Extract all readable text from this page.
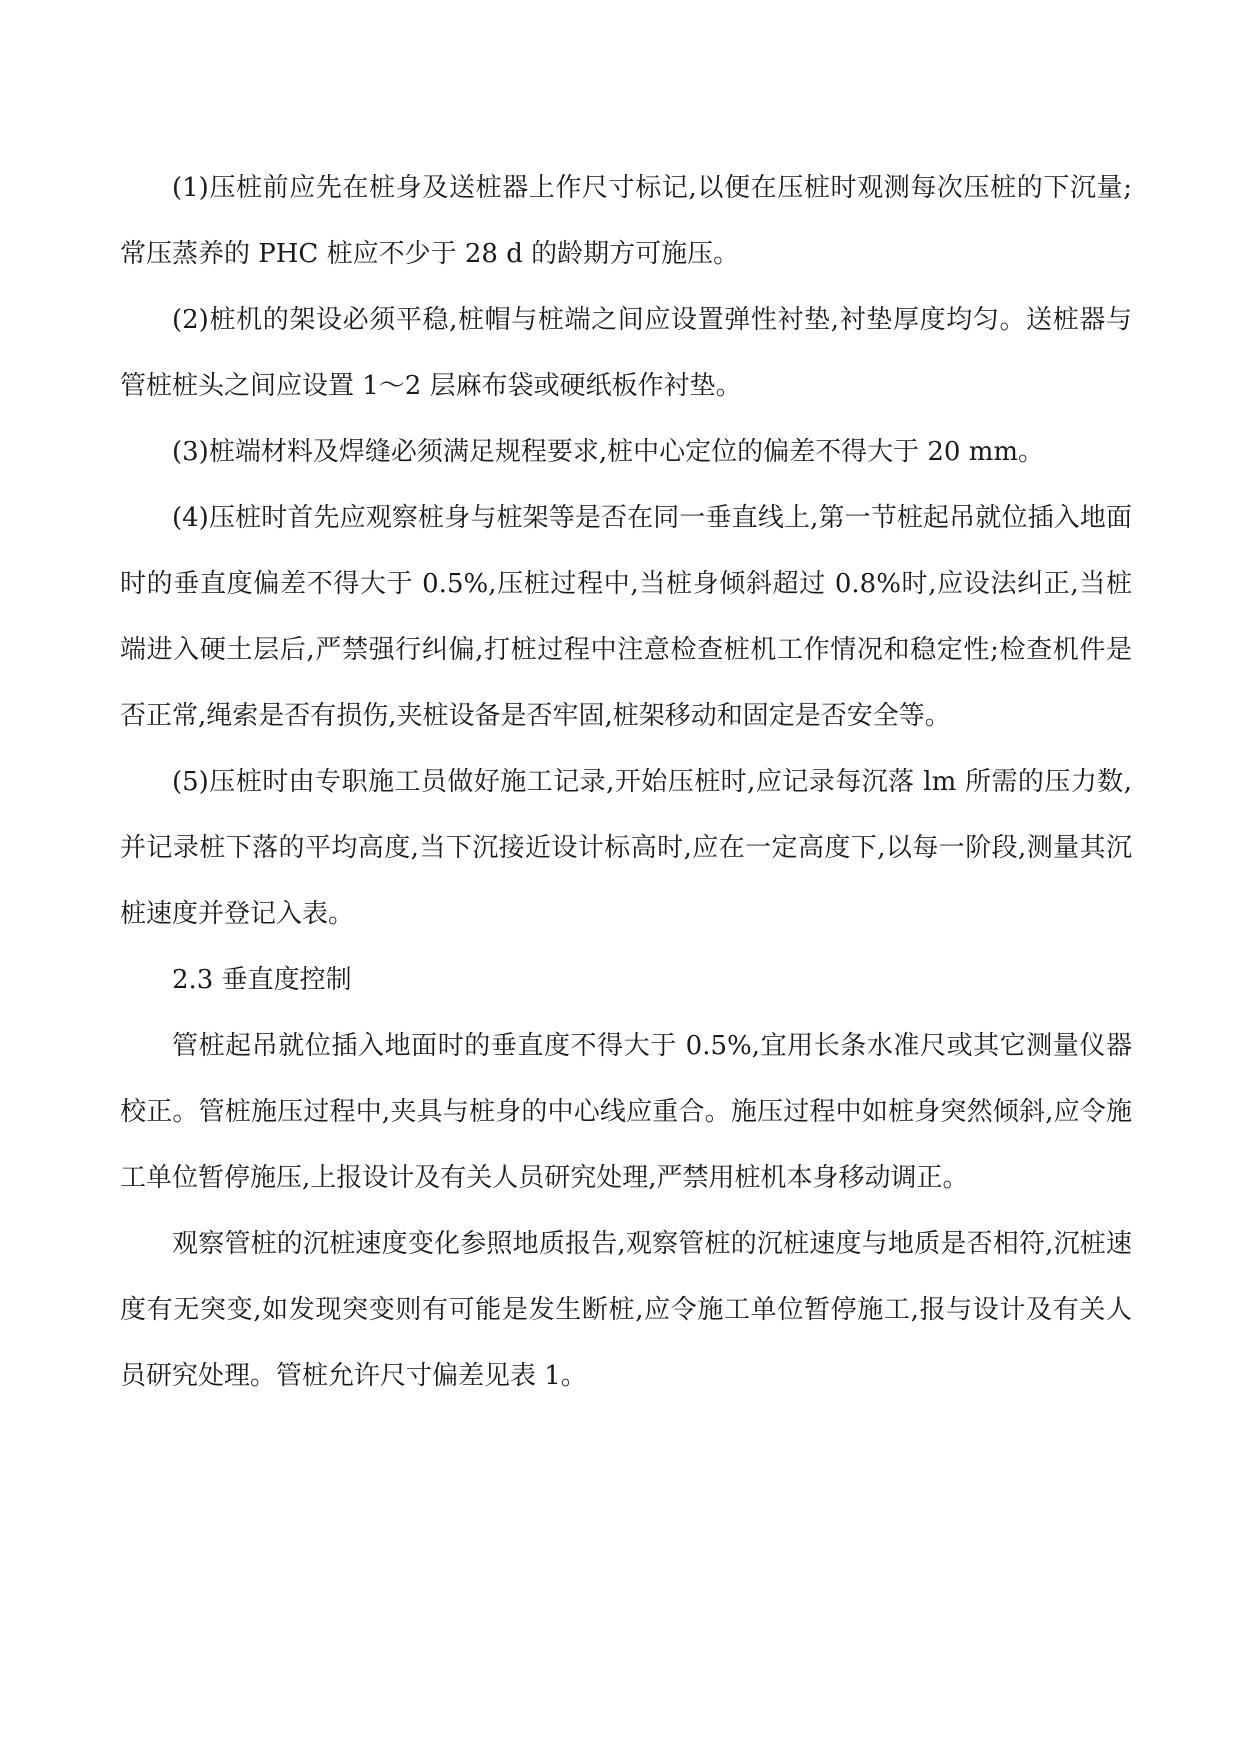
(1)压桩前应先在桩身及送桩器上作尺寸标记,以便在压桩时观测每次压桩的下沉量;常压蒸养的 PHC 桩应不少于 28 d 的龄期方可施压。

(2)桩机的架设必须平稳,桩帽与桩端之间应设置弹性衬垫,衬垫厚度均匀。送桩器与管桩桩头之间应设置 1～2 层麻布袋或硬纸板作衬垫。

(3)桩端材料及焊缝必须满足规程要求,桩中心定位的偏差不得大于 20 mm。

(4)压桩时首先应观察桩身与桩架等是否在同一垂直线上,第一节桩起吊就位插入地面时的垂直度偏差不得大于 0.5%,压桩过程中,当桩身倾斜超过 0.8%时,应设法纠正,当桩端进入硬土层后,严禁强行纠偏,打桩过程中注意检查桩机工作情况和稳定性;检查机件是否正常,绳索是否有损伤,夹桩设备是否牢固,桩架移动和固定是否安全等。

(5)压桩时由专职施工员做好施工记录,开始压桩时,应记录每沉落 lm 所需的压力数,并记录桩下落的平均高度,当下沉接近设计标高时,应在一定高度下,以每一阶段,测量其沉桩速度并登记入表。

2.3 垂直度控制

管桩起吊就位插入地面时的垂直度不得大于 0.5%,宜用长条水准尺或其它测量仪器校正。管桩施压过程中,夹具与桩身的中心线应重合。施压过程中如桩身突然倾斜,应令施工单位暂停施压,上报设计及有关人员研究处理,严禁用桩机本身移动调正。

观察管桩的沉桩速度变化参照地质报告,观察管桩的沉桩速度与地质是否相符,沉桩速度有无突变,如发现突变则有可能是发生断桩,应令施工单位暂停施工,报与设计及有关人员研究处理。管桩允许尺寸偏差见表 1。
